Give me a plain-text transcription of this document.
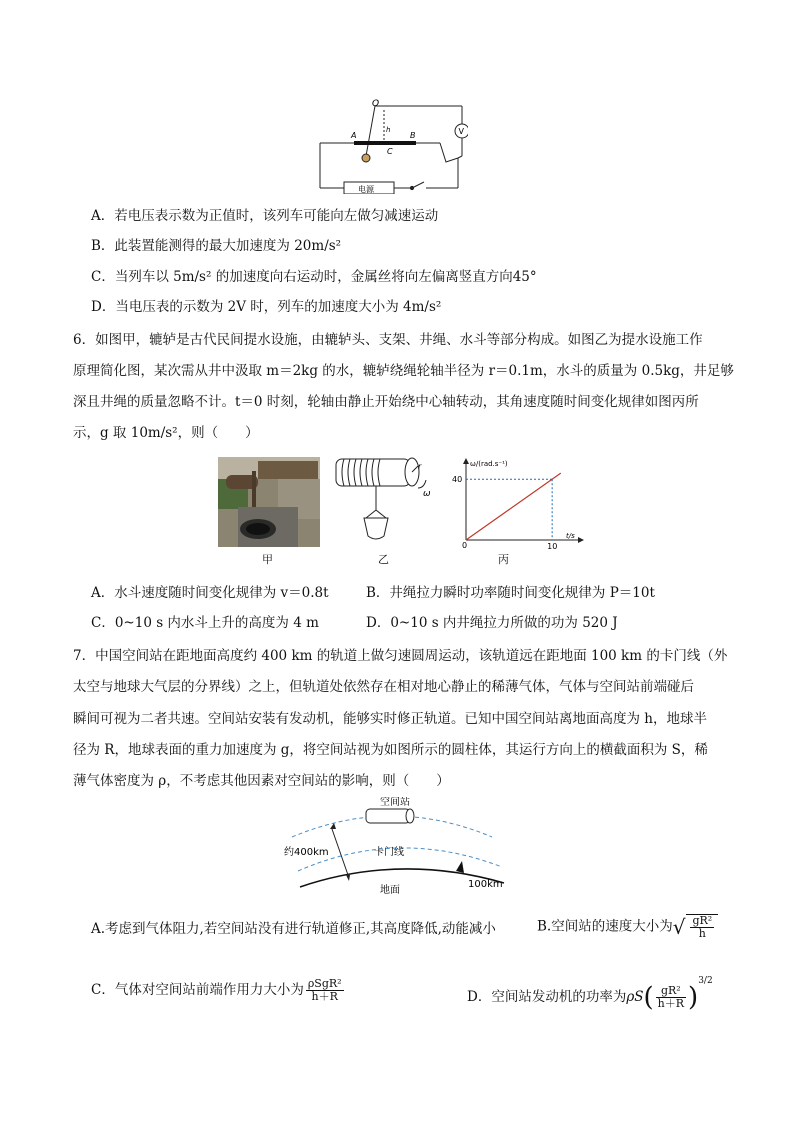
O
A
h
B
C
V
电源
A．若电压表示数为正值时，该列车可能向左做匀减速运动
B．此装置能测得的最大加速度为 20m/s²
C．当列车以 5m/s² 的加速度向右运动时，金属丝将向左偏离竖直方向45°
D．当电压表的示数为 2V 时，列车的加速度大小为 4m/s²
6．如图甲，辘轳是古代民间提水设施，由辘轳头、支架、井绳、水斗等部分构成。如图乙为提水设施工作
原理简化图，某次需从井中汲取 m＝2kg 的水，辘轳绕绳轮轴半径为 r＝0.1m，水斗的质量为 0.5kg，井足够
深且井绳的质量忽略不计。t＝0 时刻，轮轴由静止开始绕中心轴转动，其角速度随时间变化规律如图丙所
示，g 取 10m/s²，则（　　）
甲
r
ω
乙
40
10
ω/(rad.s⁻¹)
t/s
0
丙
A．水斗速度随时间变化规律为 v＝0.8t	B．井绳拉力瞬时功率随时间变化规律为 P＝10t
C．0~10 s 内水斗上升的高度为 4 m	D．0~10 s 内井绳拉力所做的功为 520 J
7．中国空间站在距地面高度约 400 km 的轨道上做匀速圆周运动，该轨道远在距地面 100 km 的卡门线（外
太空与地球大气层的分界线）之上，但轨道处依然存在相对地心静止的稀薄气体，气体与空间站前端碰后
瞬间可视为二者共速。空间站安装有发动机，能够实时修正轨道。已知中国空间站离地面高度为 h，地球半
径为 R，地球表面的重力加速度为 g，将空间站视为如图所示的圆柱体，其运行方向上的横截面积为 S，稀
薄气体密度为 ρ，不考虑其他因素对空间站的影响，则（　　）
空间站
约400km	卡门线
地面
100km
A.考虑到气体阻力,若空间站没有进行轨道修正,其高度降低,动能减小	B.空间站的速度大小为√ $\frac{\text{gR²}}{h}$
C．气体对空间站前端作用力大小为 $\frac{\text{ρSgR²}}{h+R}$	D．空间站发动机的功率为$\rho S( \frac{\text{gR²}}{h+R} )^{3/2}$
